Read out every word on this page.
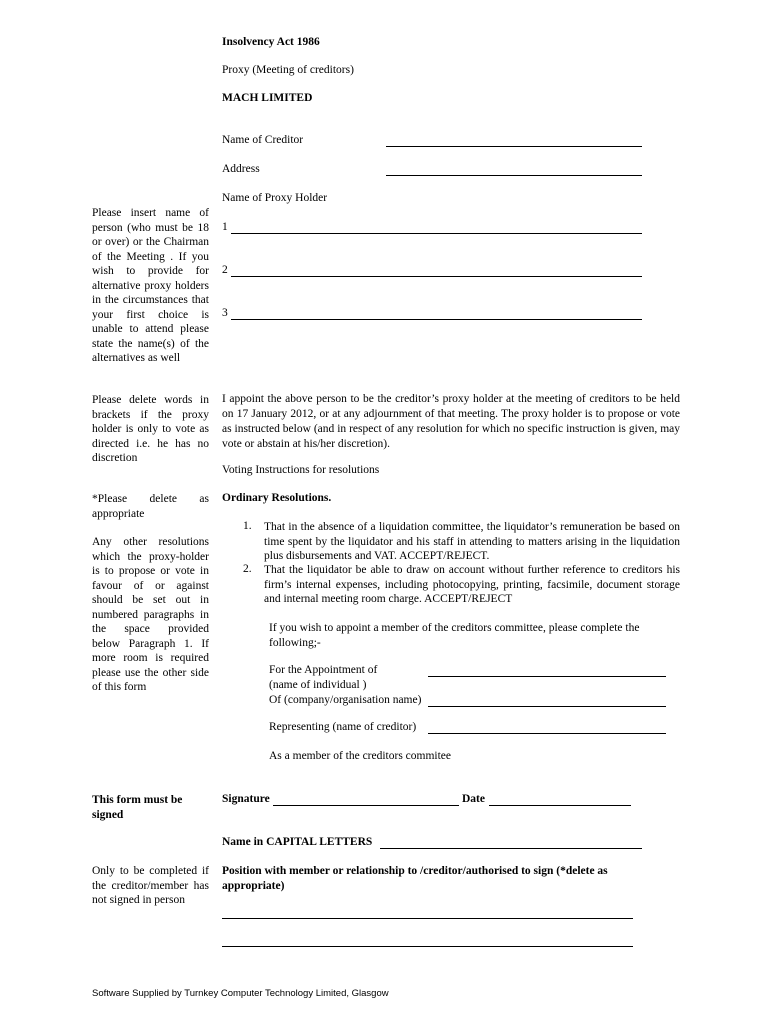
Insolvency Act 1986
Proxy (Meeting of creditors)
MACH LIMITED
Name of Creditor
Address
Name of Proxy Holder
1
2
3
Please insert name of person (who must be 18 or over) or the Chairman of the Meeting . If you wish to provide for alternative proxy holders in the circumstances that your first choice is unable to attend please state the name(s) of the alternatives as well
Please delete words in brackets if the proxy holder is only to vote as directed i.e. he has no discretion
*Please delete as appropriate
Any other resolutions which the proxy-holder is to propose or vote in favour of or against should be set out in numbered paragraphs in the space provided below Paragraph 1. If more room is required please use the other side of this form
This form must be signed
Only to be completed if the creditor/member has not signed in person
I appoint the above person to be the creditor’s proxy holder at the meeting of creditors to be held on 17 January 2012, or at any adjournment of that meeting. The proxy holder is to propose or vote as instructed below (and in respect of any resolution for which no specific instruction is given, may vote or abstain at his/her discretion).
Voting Instructions for resolutions
Ordinary Resolutions.
1.	That in the absence of a liquidation committee, the liquidator’s remuneration be based on time spent by the liquidator and his staff in attending to matters arising in the liquidation plus disbursements and VAT. ACCEPT/REJECT.
2.	That the liquidator be able to draw on account without further reference to creditors his firm’s internal expenses, including photocopying, printing, facsimile, document storage and internal meeting room charge. ACCEPT/REJECT
If you wish to appoint a member of the creditors committee, please complete the following;-
For the Appointment of
(name of individual )
Of (company/organisation name)
Representing (name of creditor)
As a member of the creditors commitee
Signature	Date
Name in CAPITAL LETTERS
Position with member or relationship to /creditor/authorised to sign (*delete as appropriate)
Software Supplied by Turnkey Computer Technology Limited, Glasgow
